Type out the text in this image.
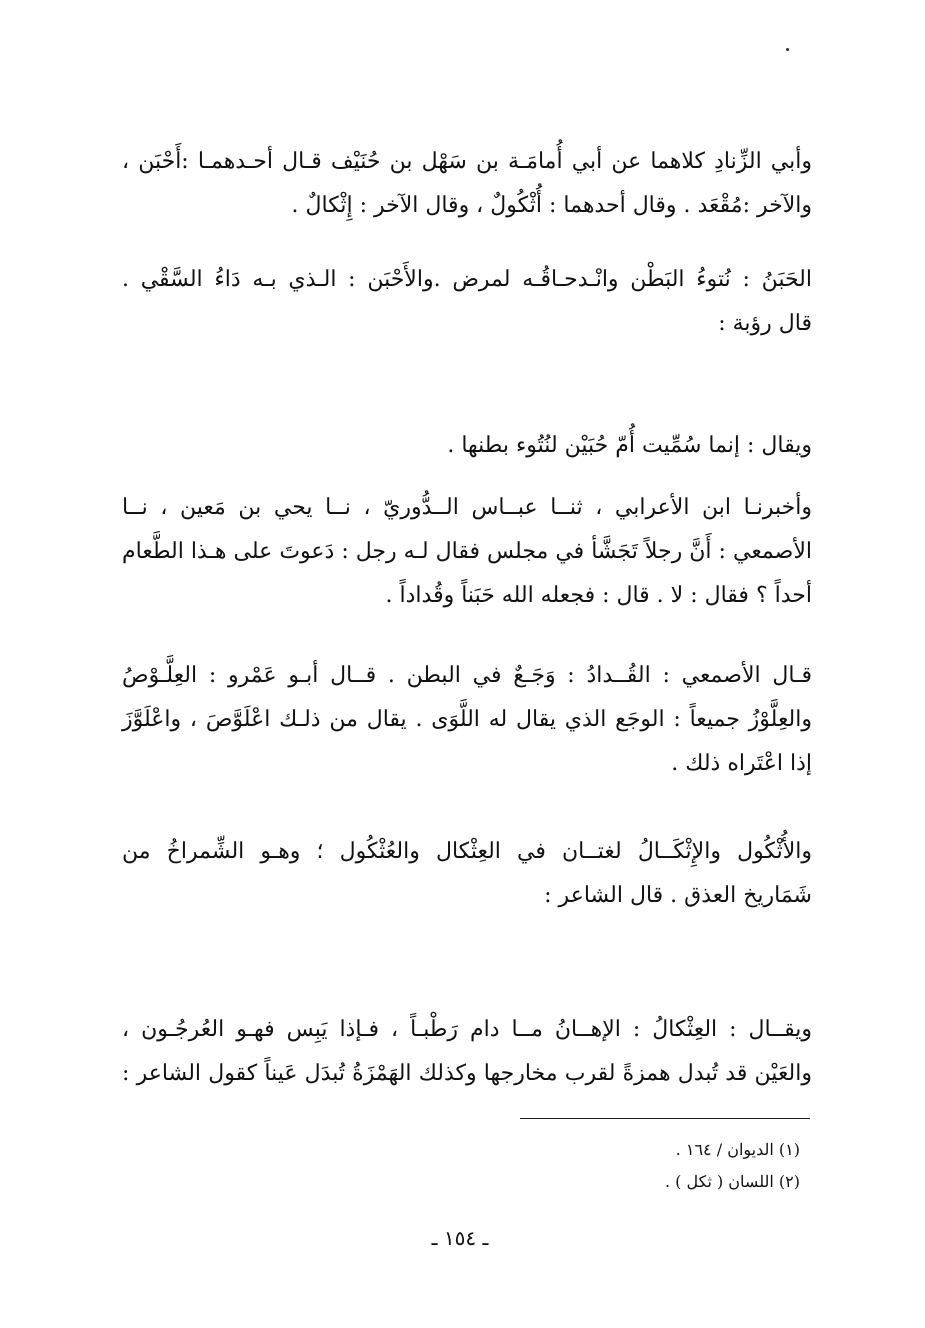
وأبي الزِّنادِ كلاهما عن أبي أُمامَـة بن سَهْل بن حُنَيْف قـال أحـدهمـا :أَحْبَن ،
والآخر :مُقْعَد . وقال أحدهما : أُثْكُولٌ ، وقال الآخر : إِثْكالٌ .
الحَبَنُ : نُتوءُ البَطْن وانْـدحـاقُـه لمرض .والأَحْبَن : الـذي بـه دَاءُ السَّقْي .
قال رؤبة :
ويقال : إنما سُمِّيت أُمّ حُبَيْن لنُتُوء بطنها .
وأخبرنـا ابن الأعرابي ، ثنــا عبــاس الــدُّوريّ ، نــا يحي بن مَعين ، نــا
الأصمعي : أَنَّ رجلاً تَجَشَّأ في مجلس فقال لـه رجل : دَعوتَ على هـذا الطَّعام
أحداً ؟ فقال : لا . قال : فجعله الله حَبَناً وقُداداً .
قـال الأصمعي : القُــدادُ : وَجَـعٌ في البطن . قــال أبـو عَمْرو : العِلَّـوْصُ
والعِلَّوْزُ جميعاً : الوجَع الذي يقال له اللَّوَى . يقال من ذلـك اعْلَوَّصَ ، واعْلَوَّزَ
إذا اعْتَراه ذلك .
والأُثْكُول والإِثْكَــالُ لغتــان في العِثْكال والعُثْكُول ؛ وهـو الشِّمراخُ من
شَمَاريخ العذق . قال الشاعر :
ويقــال : العِثْكالُ : الإهــانُ مــا دام رَطْبـاً ، فـإذا يَبِس فهـو العُرجُـون ،
والعَيْن قد تُبدل همزةً لقرب مخارجها وكذلك الهَمْزَةُ تُبدَل عَيناً كقول الشاعر :
(١) الديوان / ١٦٤ .
(٢) اللسان ( ثكل ) .
ـ ١٥٤ ـ
